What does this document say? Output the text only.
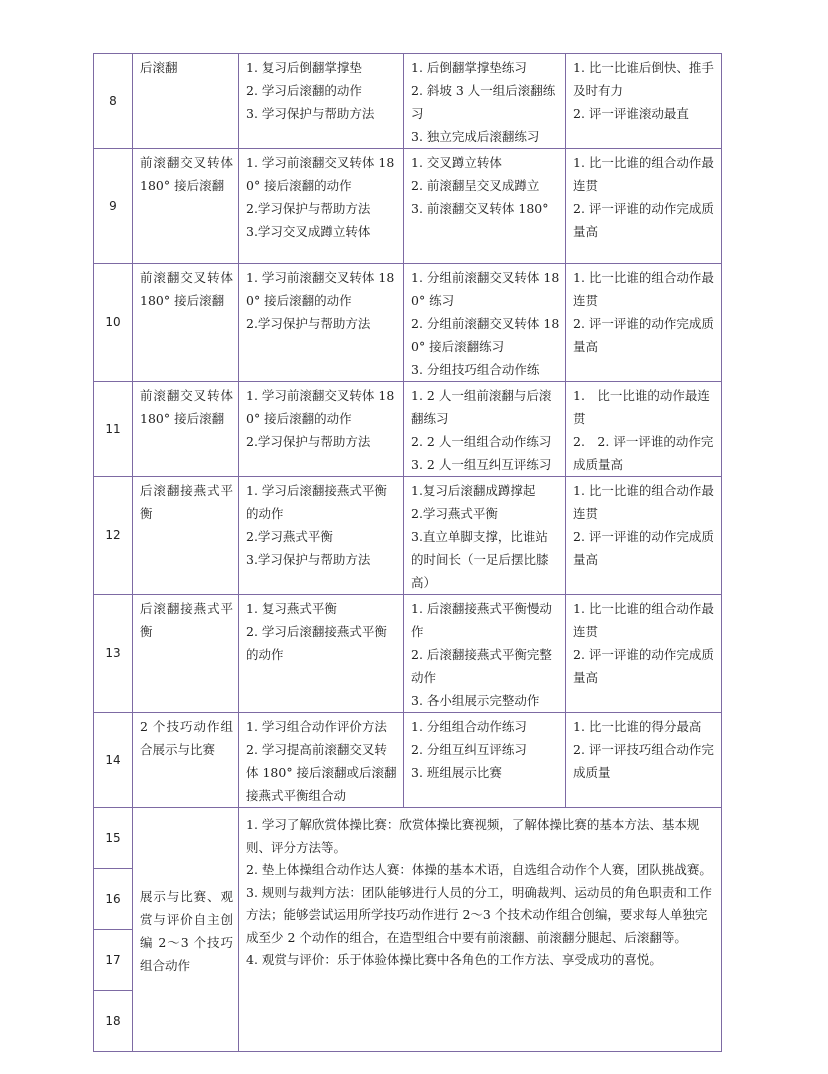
8	后滚翻	1. 复习后倒翻掌撑垫
2. 学习后滚翻的动作
3. 学习保护与帮助方法	1. 后倒翻掌撑垫练习
2. 斜坡 3 人一组后滚翻练习
3. 独立完成后滚翻练习	1. 比一比谁后倒快、推手及时有力
2. 评一评谁滚动最直

9	前滚翻交叉转体 180° 接后滚翻	1. 学习前滚翻交叉转体 180° 接后滚翻的动作
2.学习保护与帮助方法
3.学习交叉成蹲立转体	1. 交叉蹲立转体
2. 前滚翻呈交叉成蹲立
3. 前滚翻交叉转体 180°	1. 比一比谁的组合动作最连贯
2. 评一评谁的动作完成质量高

10	前滚翻交叉转体 180° 接后滚翻	1. 学习前滚翻交叉转体 180° 接后滚翻的动作
2.学习保护与帮助方法	1. 分组前滚翻交叉转体 180° 练习
2. 分组前滚翻交叉转体 180° 接后滚翻练习
3. 分组技巧组合动作练	1. 比一比谁的组合动作最连贯
2. 评一评谁的动作完成质量高

11	前滚翻交叉转体 180° 接后滚翻	1. 学习前滚翻交叉转体 180° 接后滚翻的动作
2.学习保护与帮助方法	1. 2 人一组前滚翻与后滚翻练习
2. 2 人一组组合动作练习
3. 2 人一组互纠互评练习	1.　比一比谁的动作最连贯
2.　2. 评一评谁的动作完成质量高

12	后滚翻接燕式平衡	1. 学习后滚翻接燕式平衡的动作
2.学习燕式平衡
3.学习保护与帮助方法	1.复习后滚翻成蹲撑起
2.学习燕式平衡
3.直立单脚支撑，比谁站的时间长（一足后摆比膝高）	1. 比一比谁的组合动作最连贯
2. 评一评谁的动作完成质量高

13	后滚翻接燕式平衡	1. 复习燕式平衡
2. 学习后滚翻接燕式平衡的动作	1. 后滚翻接燕式平衡慢动作
2. 后滚翻接燕式平衡完整动作
3. 各小组展示完整动作	1. 比一比谁的组合动作最连贯
2. 评一评谁的动作完成质量高

14	2 个技巧动作组合展示与比赛	1. 学习组合动作评价方法
2. 学习提高前滚翻交叉转体 180° 接后滚翻或后滚翻接燕式平衡组合动	1. 分组组合动作练习
2. 分组互纠互评练习
3. 班组展示比赛	1. 比一比谁的得分最高
2. 评一评技巧组合动作完成质量

15	展示与比赛、观赏与评价自主创编 2～3 个技巧组合动作	1. 学习了解欣赏体操比赛：欣赏体操比赛视频，了解体操比赛的基本方法、基本规则、评分方法等。
2. 垫上体操组合动作达人赛：体操的基本术语，自选组合动作个人赛，团队挑战赛。
3. 规则与裁判方法：团队能够进行人员的分工，明确裁判、运动员的角色职责和工作方法；能够尝试运用所学技巧动作进行 2～3 个技术动作组合创编，要求每人单独完成至少 2 个动作的组合，在造型组合中要有前滚翻、前滚翻分腿起、后滚翻等。
4. 观赏与评价：乐于体验体操比赛中各角色的工作方法、享受成功的喜悦。		

16				
17				
18				
